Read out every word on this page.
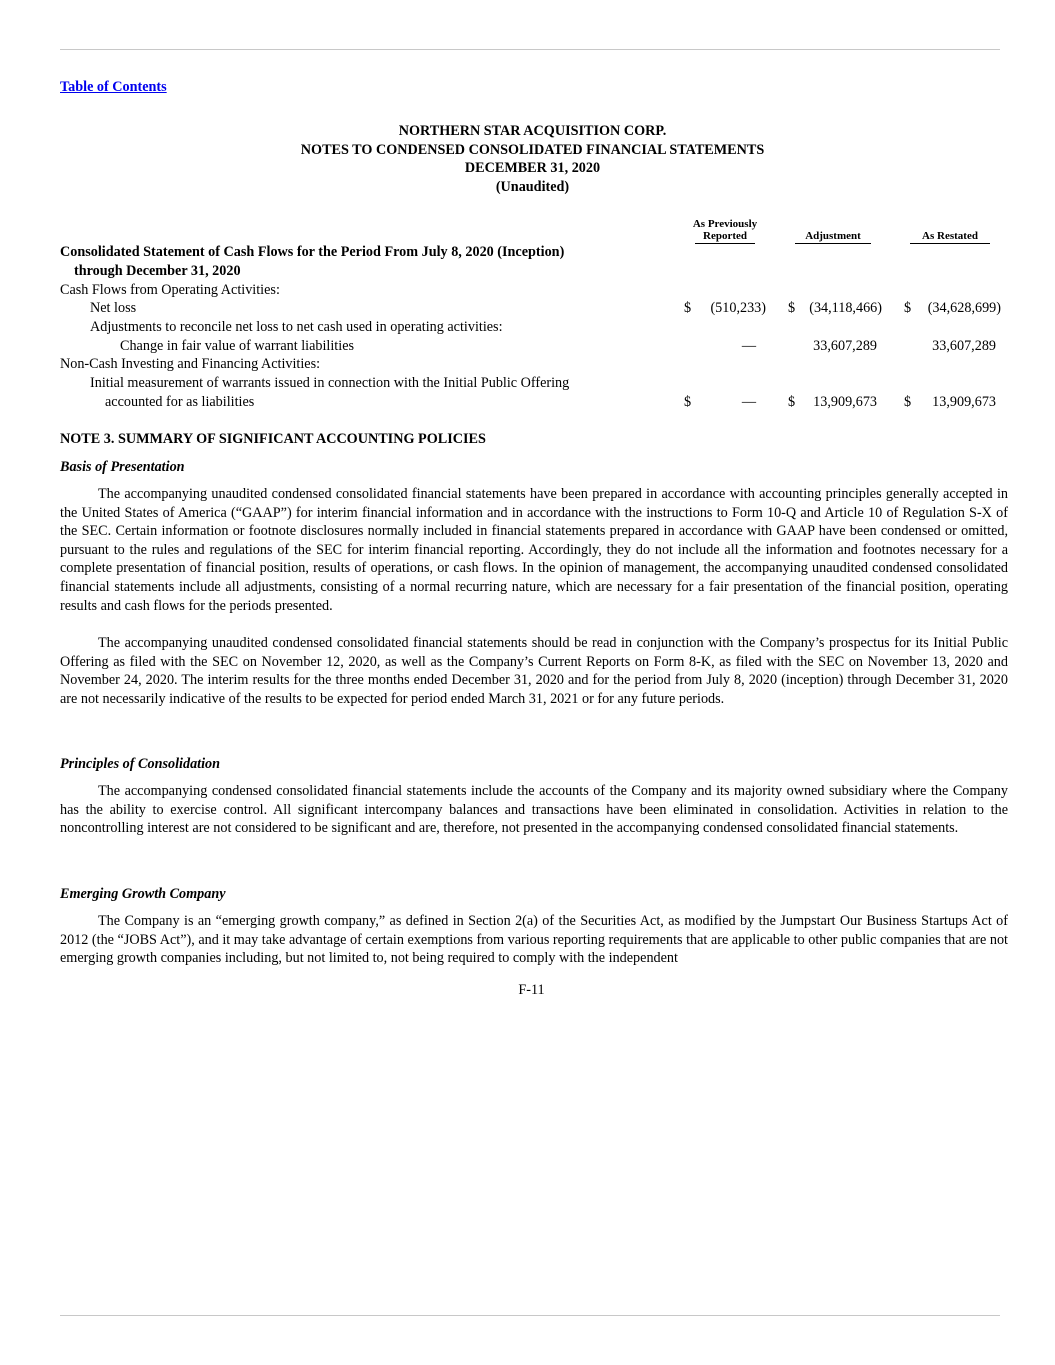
Table of Contents
NORTHERN STAR ACQUISITION CORP.
NOTES TO CONDENSED CONSOLIDATED FINANCIAL STATEMENTS
DECEMBER 31, 2020
(Unaudited)
As Previously
Reported	Adjustment	As Restated
Consolidated Statement of Cash Flows for the Period From July 8, 2020 (Inception)
through December 31, 2020
Cash Flows from Operating Activities:
Net loss	$	(510,233) $ (34,118,466) $	(34,628,699)
Adjustments to reconcile net loss to net cash used in operating activities:
Change in fair value of warrant liabilities	—	33,607,289	33,607,289
Non-Cash Investing and Financing Activities:
Initial measurement of warrants issued in connection with the Initial Public Offering
accounted for as liabilities	$	— $	13,909,673 $	13,909,673
NOTE 3. SUMMARY OF SIGNIFICANT ACCOUNTING POLICIES
Basis of Presentation

The accompanying unaudited condensed consolidated financial statements have been prepared in accordance with accounting principles generally accepted in the United States of America (“GAAP”) for interim financial information and in accordance with the instructions to Form 10-Q and Article 10 of Regulation S-X of the SEC. Certain information or footnote disclosures normally included in financial statements prepared in accordance with GAAP have been condensed or omitted, pursuant to the rules and regulations of the SEC for interim financial reporting. Accordingly, they do not include all the information and footnotes necessary for a complete presentation of financial position, results of operations, or cash flows. In the opinion of management, the accompanying unaudited condensed consolidated financial statements include all adjustments, consisting of a normal recurring nature, which are necessary for a fair presentation of the financial position, operating results and cash flows for the periods presented.

The accompanying unaudited condensed consolidated financial statements should be read in conjunction with the Company’s prospectus for its Initial Public Offering as filed with the SEC on November 12, 2020, as well as the Company’s Current Reports on Form 8-K, as filed with the SEC on November 13, 2020 and November 24, 2020. The interim results for the three months ended December 31, 2020 and for the period from July 8, 2020 (inception) through December 31, 2020 are not necessarily indicative of the results to be expected for period ended March 31, 2021 or for any future periods.

Principles of Consolidation

The accompanying condensed consolidated financial statements include the accounts of the Company and its majority owned subsidiary where the Company has the ability to exercise control. All significant intercompany balances and transactions have been eliminated in consolidation. Activities in relation to the noncontrolling interest are not considered to be significant and are, therefore, not presented in the accompanying condensed consolidated financial statements.

Emerging Growth Company

The Company is an “emerging growth company,” as defined in Section 2(a) of the Securities Act, as modified by the Jumpstart Our Business Startups Act of 2012 (the “JOBS Act”), and it may take advantage of certain exemptions from various reporting requirements that are applicable to other public companies that are not emerging growth companies including, but not limited to, not being required to comply with the independent

F-11
